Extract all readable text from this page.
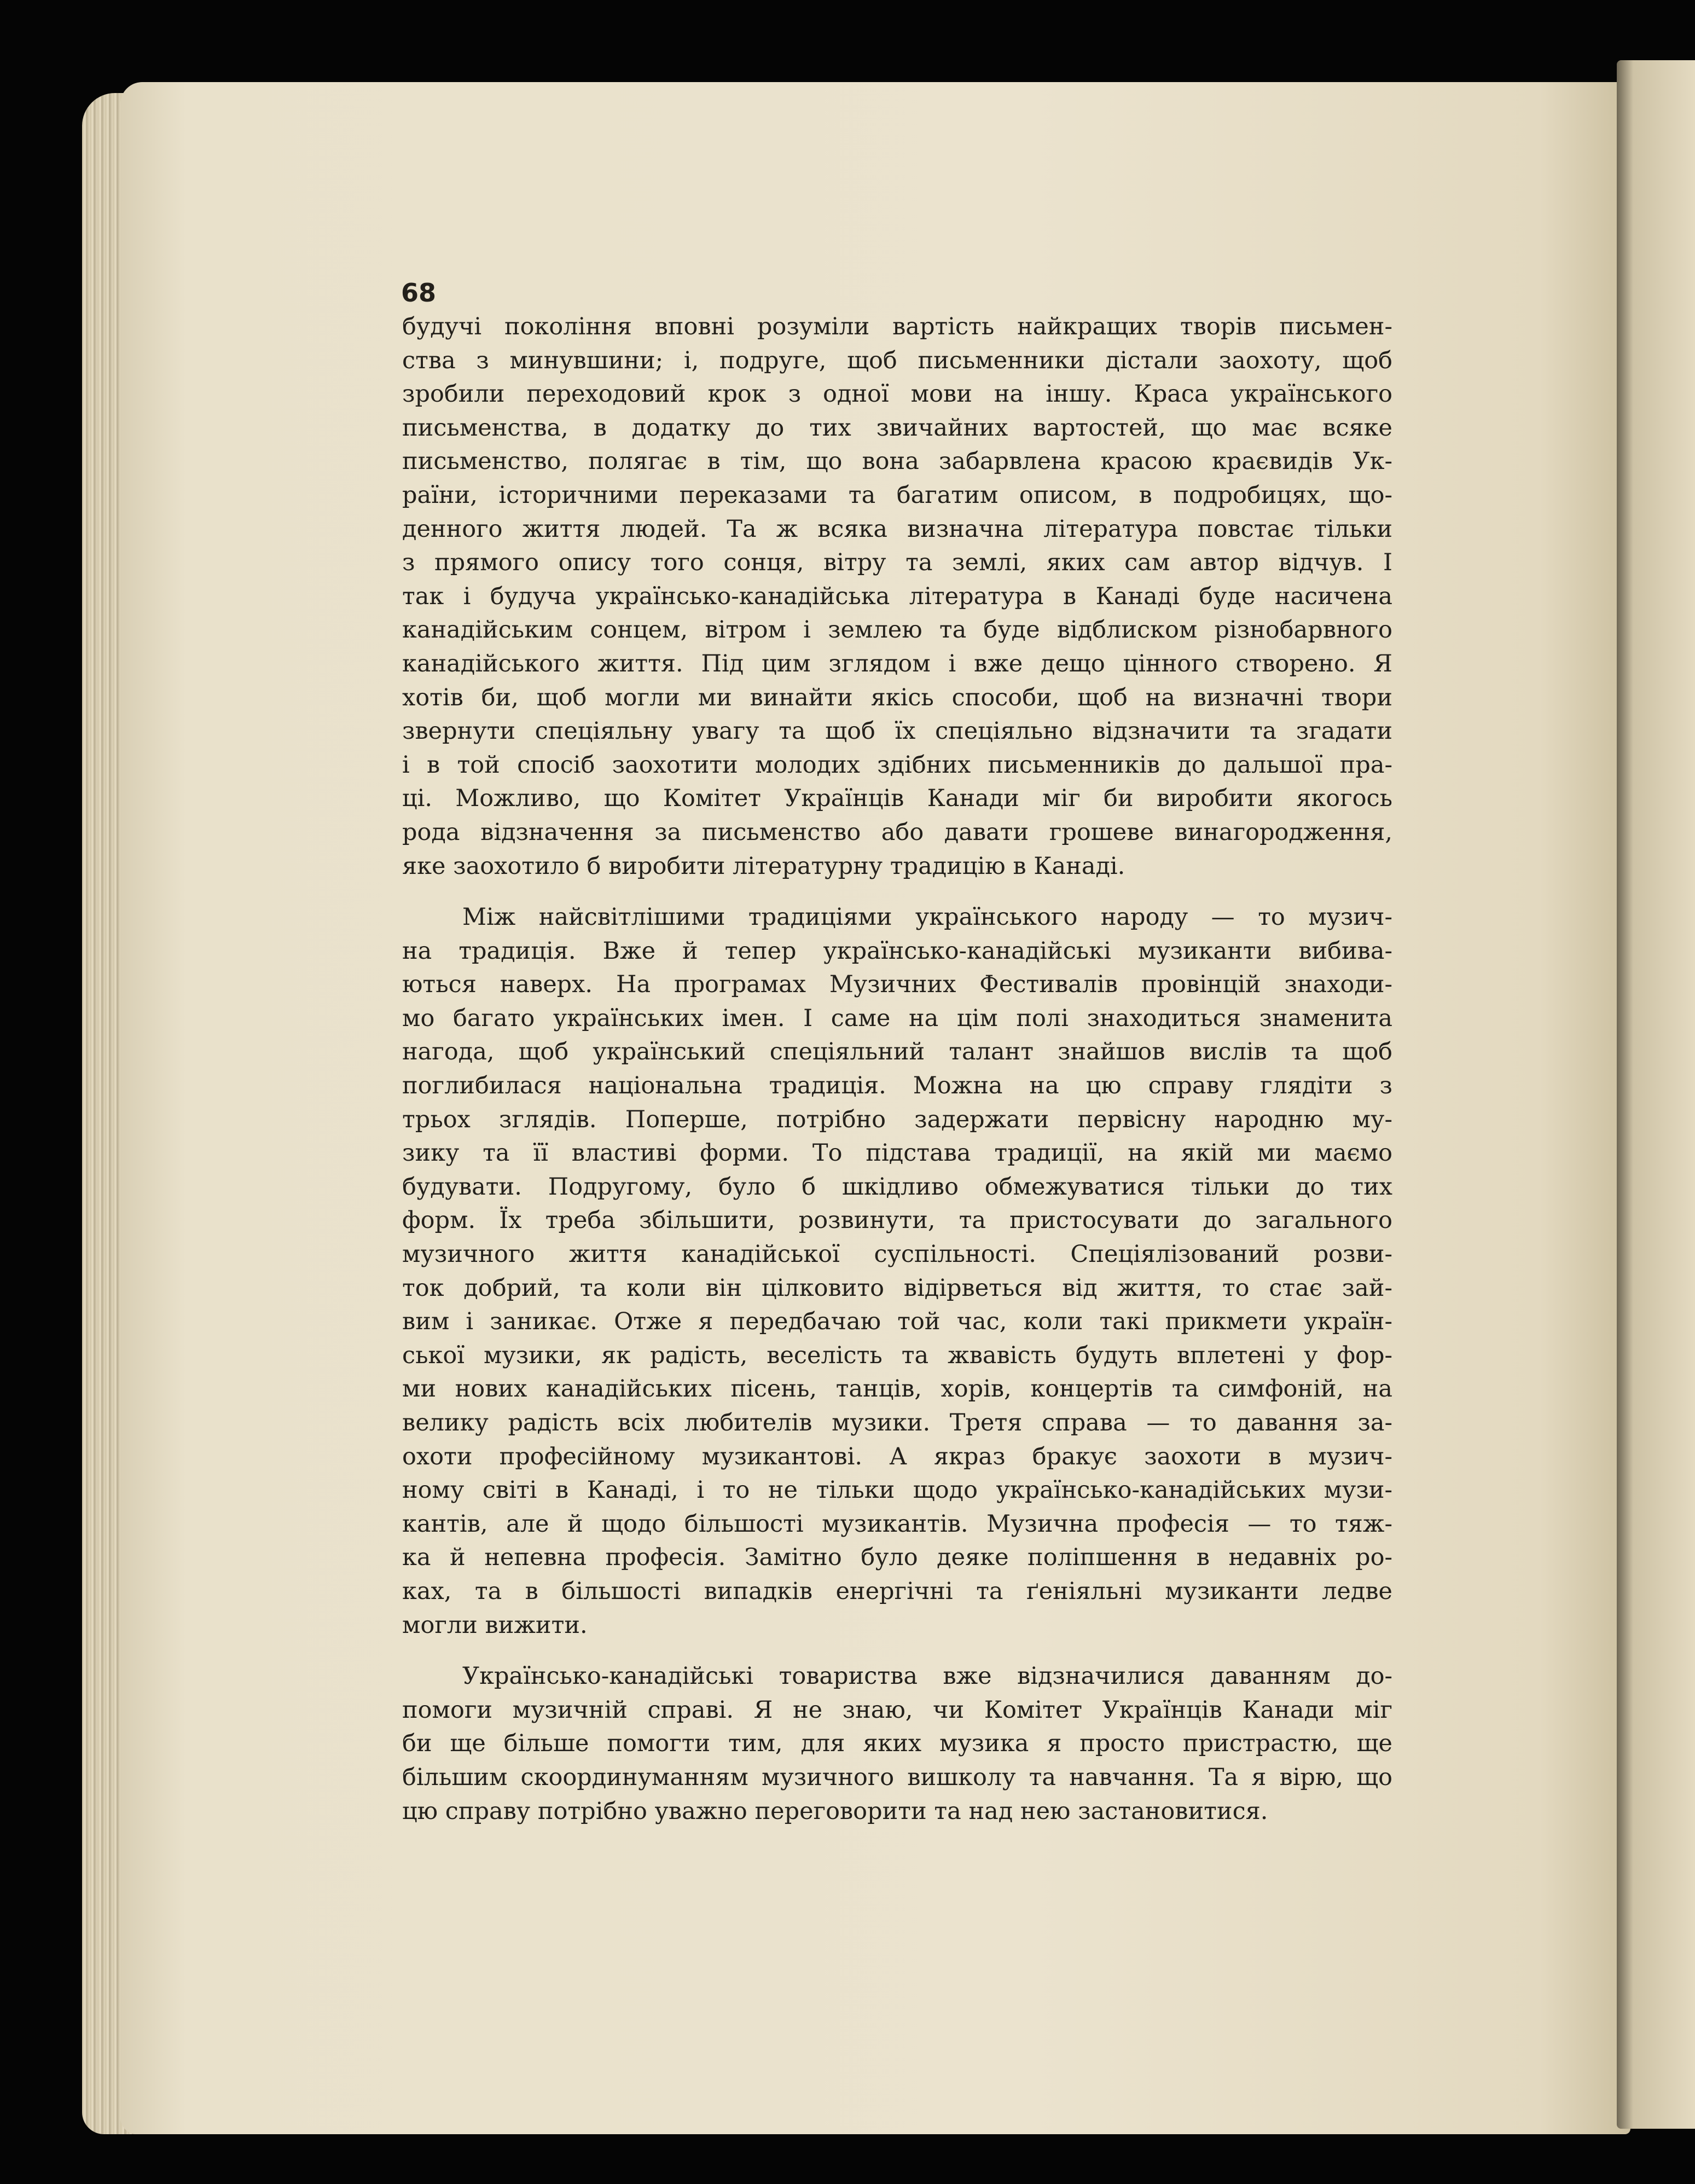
68

будучі покоління вповні розуміли вартість найкращих творів письмен-
ства з минувшини; і, подруге, щоб письменники дістали заохоту, щоб
зробили переходовий крок з одної мови на іншу. Краса українського
письменства, в додатку до тих звичайних вартостей, що має всяке
письменство, полягає в тім, що вона забарвлена красою краєвидів Ук-
раїни, історичними переказами та багатим описом, в подробицях, що-
денного життя людей. Та ж всяка визначна література повстає тільки
з прямого опису того сонця, вітру та землі, яких сам автор відчув. І
так і будуча українсько-канадійська література в Канаді буде насичена
канадійським сонцем, вітром і землею та буде відблиском різнобарвного
канадійського життя. Під цим зглядом і вже дещо цінного створено. Я
хотів би, щоб могли ми винайти якісь способи, щоб на визначні твори
звернути спеціяльну увагу та щоб їх спеціяльно відзначити та згадати
і в той спосіб заохотити молодих здібних письменників до дальшої пра-
ці. Можливо, що Комітет Українців Канади міг би виробити якогось
рода відзначення за письменство або давати грошеве винагородження,
яке заохотило б виробити літературну традицію в Канаді.

Між найсвітлішими традиціями українського народу — то музич-
на традиція. Вже й тепер українсько-канадійські музиканти вибива-
ються наверх. На програмах Музичних Фестивалів провінцій знаходи-
мо багато українських імен. І саме на цім полі знаходиться знаменита
нагода, щоб український спеціяльний талант знайшов вислів та щоб
поглибилася національна традиція. Можна на цю справу глядіти з
трьох зглядів. Поперше, потрібно задержати первісну народню му-
зику та її властиві форми. То підстава традиції, на якій ми маємо
будувати. Подругому, було б шкідливо обмежуватися тільки до тих
форм. Їх треба збільшити, розвинути, та пристосувати до загального
музичного життя канадійської суспільності. Спеціялізований розви-
ток добрий, та коли він цілковито відірветься від життя, то стає зай-
вим і заникає. Отже я передбачаю той час, коли такі прикмети україн-
ської музики, як радість, веселість та жвавість будуть вплетені у фор-
ми нових канадійських пісень, танців, хорів, концертів та симфоній, на
велику радість всіх любителів музики. Третя справа — то давання за-
охоти професійному музикантові. А якраз бракує заохоти в музич-
ному світі в Канаді, і то не тільки щодо українсько-канадійських музи-
кантів, але й щодо більшості музикантів. Музична професія — то тяж-
ка й непевна професія. Замітно було деяке поліпшення в недавніх ро-
ках, та в більшості випадків енергічні та ґеніяльні музиканти ледве
могли вижити.

Українсько-канадійські товариства вже відзначилися даванням до-
помоги музичній справі. Я не знаю, чи Комітет Українців Канади міг
би ще більше помогти тим, для яких музика я просто пристрастю, ще
більшим скоординуманням музичного вишколу та навчання. Та я вірю, що
цю справу потрібно уважно переговорити та над нею застановитися.
